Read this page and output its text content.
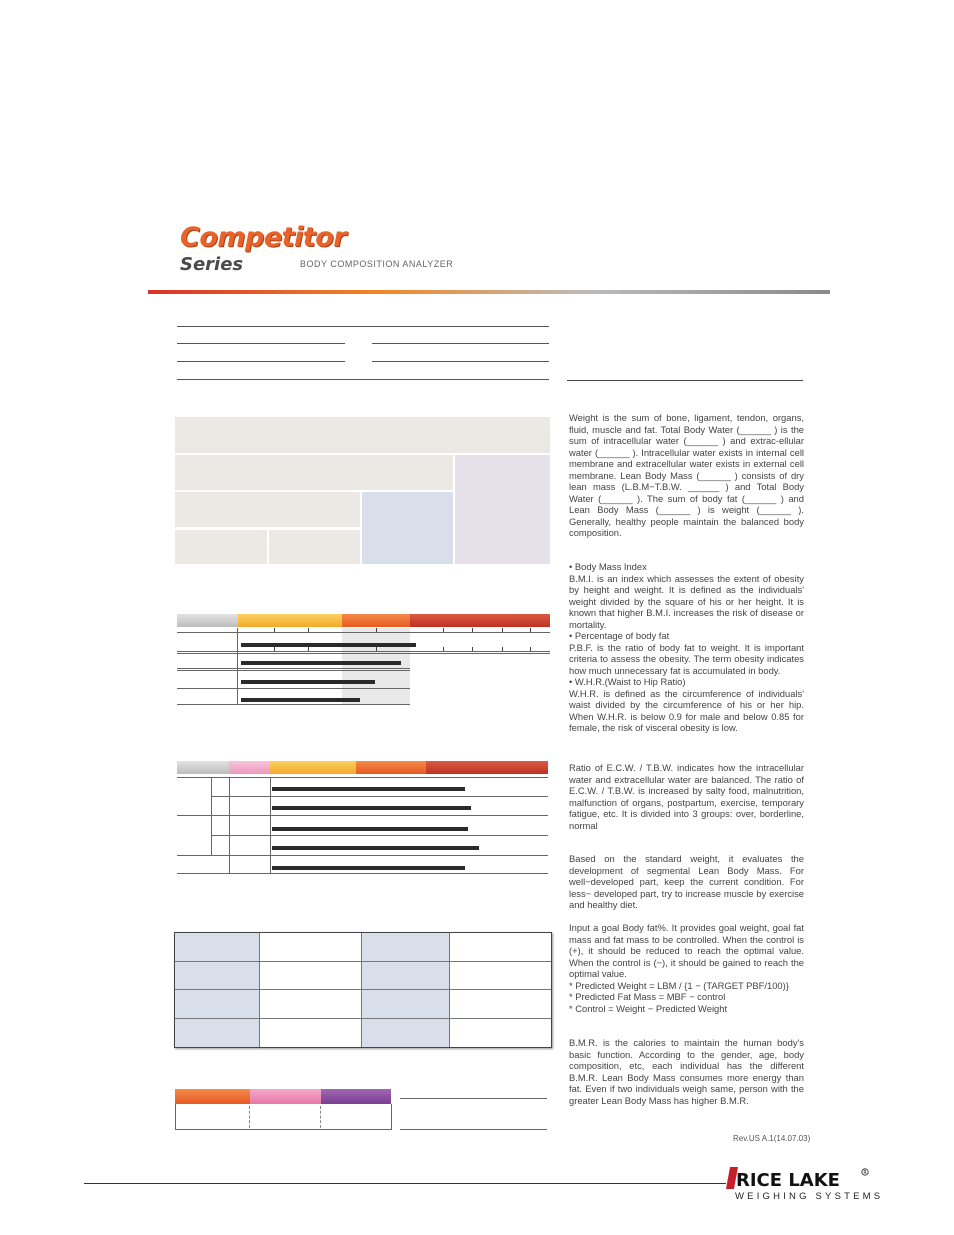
Competitor
Series	BODY COMPOSITION ANALYZER
Weight is the sum of bone, ligament, tendon, organs, fluid, muscle and fat. Total Body Water (______ ) is the sum of intracellular water (______ ) and extrac-ellular water (______ ). Intracellular water exists in internal cell membrane and extracellular water exists in external cell membrane. Lean Body Mass (______ ) consists of dry lean mass (L.B.M−T.B.W. ______ ) and Total Body Water (______ ). The sum of body fat (______ ) and Lean Body Mass (______ ) is weight (______ ). Generally, healthy people maintain the balanced body composition.
• Body Mass Index
B.M.I. is an index which assesses the extent of obesity by height and weight. It is defined as the individuals' weight divided by the square of his or her height. It is known that higher B.M.I. increases the risk of disease or mortality.
• Percentage of body fat
P.B.F. is the ratio of body fat to weight. It is important criteria to assess the obesity. The term obesity indicates how much unnecessary fat is accumulated in body.
• W.H.R.(Waist to Hip Ratio)
W.H.R. is defined as the circumference of individuals' waist divided by the circumference of his or her hip. When W.H.R. is below 0.9 for male and below 0.85 for female, the risk of visceral obesity is low.
Ratio of E.C.W. / T.B.W. indicates how the intracellular water and extracellular water are balanced. The ratio of E.C.W. / T.B.W. is increased by salty food, malnutrition, malfunction of organs, postpartum, exercise, temporary fatigue, etc. It is divided into 3 groups: over, borderline, normal
Based on the standard weight, it evaluates the development of segmental Lean Body Mass. For well−developed part, keep the current condition. For less− developed part, try to increase muscle by exercise and healthy diet.
Input a goal Body fat%. It provides goal weight, goal fat mass and fat mass to be controlled. When the control is (+), it should be reduced to reach the optimal value. When the control is (−), it should be gained to reach the optimal value.
* Predicted Weight = LBM / {1 − (TARGET PBF/100)}
* Predicted Fat Mass = MBF − control
* Control = Weight − Predicted Weight
B.M.R. is the calories to maintain the human body's basic function. According to the gender, age, body composition, etc, each individual has the different B.M.R. Lean Body Mass consumes more energy than fat. Even if two individuals weigh same, person with the greater Lean Body Mass has higher B.M.R.
Rev.US A.1(14.07.03)
RICE LAKE
WEIGHING SYSTEMS
R
